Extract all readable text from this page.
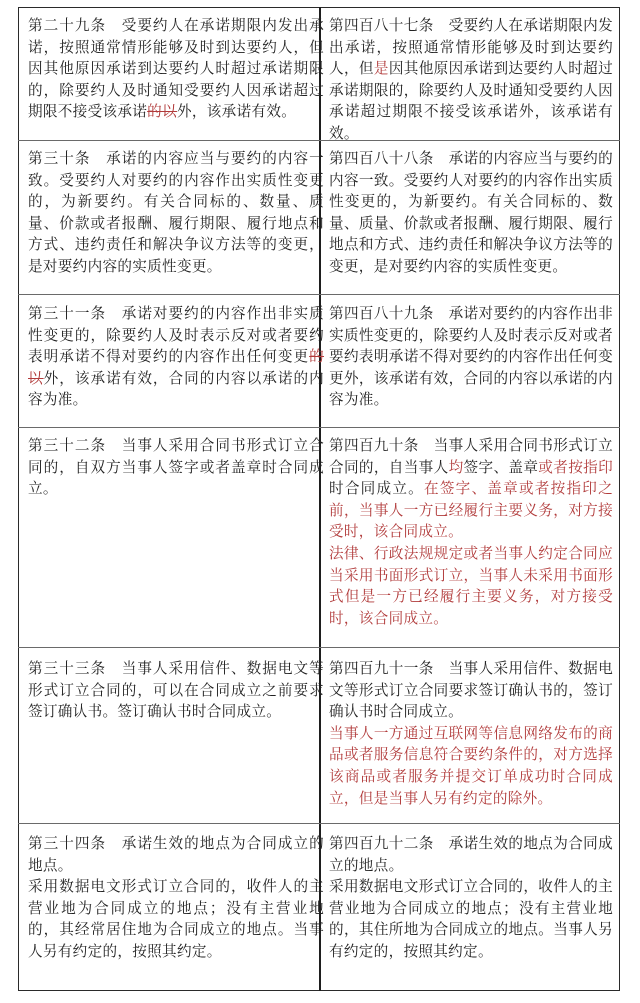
第二十九条　受要约人在承诺期限内发出承诺，按照通常情形能够及时到达要约人，但因其他原因承诺到达要约人时超过承诺期限的，除要约人及时通知受要约人因承诺超过期限不接受该承诺的以外，该承诺有效。

第四百八十七条　受要约人在承诺期限内发出承诺，按照通常情形能够及时到达要约人，但是因其他原因承诺到达要约人时超过承诺期限的，除要约人及时通知受要约人因承诺超过期限不接受该承诺外，该承诺有效。

第三十条　承诺的内容应当与要约的内容一致。受要约人对要约的内容作出实质性变更的，为新要约。有关合同标的、数量、质量、价款或者报酬、履行期限、履行地点和方式、违约责任和解决争议方法等的变更，是对要约内容的实质性变更。

第四百八十八条　承诺的内容应当与要约的内容一致。受要约人对要约的内容作出实质性变更的，为新要约。有关合同标的、数量、质量、价款或者报酬、履行期限、履行地点和方式、违约责任和解决争议方法等的变更，是对要约内容的实质性变更。

第三十一条　承诺对要约的内容作出非实质性变更的，除要约人及时表示反对或者要约表明承诺不得对要约的内容作出任何变更的以外，该承诺有效，合同的内容以承诺的内容为准。

第四百八十九条　承诺对要约的内容作出非实质性变更的，除要约人及时表示反对或者要约表明承诺不得对要约的内容作出任何变更外，该承诺有效，合同的内容以承诺的内容为准。

第三十二条　当事人采用合同书形式订立合同的，自双方当事人签字或者盖章时合同成立。

第四百九十条　当事人采用合同书形式订立合同的，自当事人均签字、盖章或者按指印时合同成立。在签字、盖章或者按指印之前，当事人一方已经履行主要义务，对方接受时，该合同成立。

法律、行政法规规定或者当事人约定合同应当采用书面形式订立，当事人未采用书面形式但是一方已经履行主要义务，对方接受时，该合同成立。

第三十三条　当事人采用信件、数据电文等形式订立合同的，可以在合同成立之前要求签订确认书。签订确认书时合同成立。

第四百九十一条　当事人采用信件、数据电文等形式订立合同要求签订确认书的，签订确认书时合同成立。

当事人一方通过互联网等信息网络发布的商品或者服务信息符合要约条件的，对方选择该商品或者服务并提交订单成功时合同成立，但是当事人另有约定的除外。

第三十四条　承诺生效的地点为合同成立的地点。

采用数据电文形式订立合同的，收件人的主营业地为合同成立的地点；没有主营业地的，其经常居住地为合同成立的地点。当事人另有约定的，按照其约定。

第四百九十二条　承诺生效的地点为合同成立的地点。

采用数据电文形式订立合同的，收件人的主营业地为合同成立的地点；没有主营业地的，其住所地为合同成立的地点。当事人另有约定的，按照其约定。
